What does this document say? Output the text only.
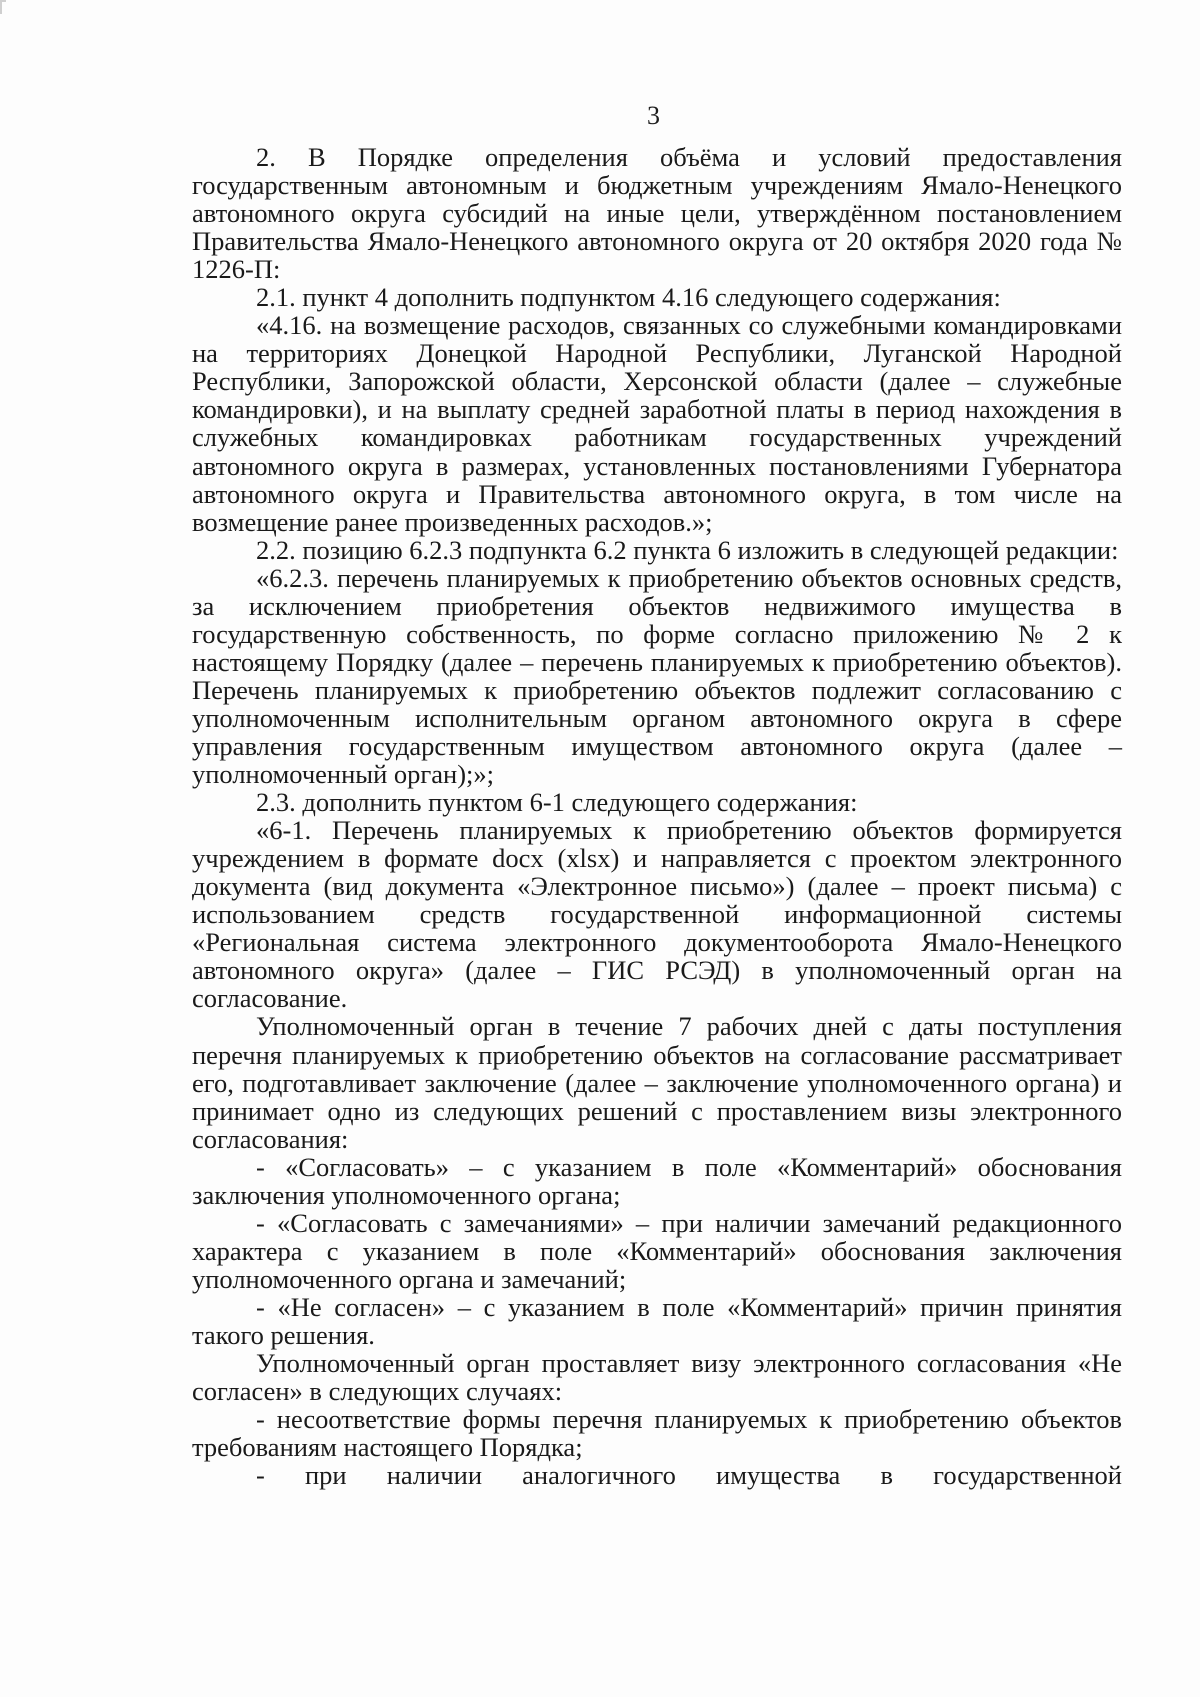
3

2. В Порядке определения объёма и условий предоставления государственным автономным и бюджетным учреждениям Ямало-Ненецкого автономного округа субсидий на иные цели, утверждённом постановлением Правительства Ямало-Ненецкого автономного округа от 20 октября 2020 года № 1226-П:

2.1. пункт 4 дополнить подпунктом 4.16 следующего содержания:

«4.16. на возмещение расходов, связанных со служебными командировками на территориях Донецкой Народной Республики, Луганской Народной Республики, Запорожской области, Херсонской области (далее – служебные командировки), и на выплату средней заработной платы в период нахождения в служебных командировках работникам государственных учреждений автономного округа в размерах, установленных постановлениями Губернатора автономного округа и Правительства автономного округа, в том числе на возмещение ранее произведенных расходов.»;

2.2. позицию 6.2.3 подпункта 6.2 пункта 6 изложить в следующей редакции:

«6.2.3. перечень планируемых к приобретению объектов основных средств, за исключением приобретения объектов недвижимого имущества в государственную собственность, по форме согласно приложению № 2 к настоящему Порядку (далее – перечень планируемых к приобретению объектов). Перечень планируемых к приобретению объектов подлежит согласованию с уполномоченным исполнительным органом автономного округа в сфере управления государственным имуществом автономного округа (далее – уполномоченный орган);»;

2.3. дополнить пунктом 6-1 следующего содержания:

«6-1. Перечень планируемых к приобретению объектов формируется учреждением в формате docx (xlsx) и направляется с проектом электронного документа (вид документа «Электронное письмо») (далее – проект письма) с использованием средств государственной информационной системы «Региональная система электронного документооборота Ямало-Ненецкого автономного округа» (далее – ГИС РСЭД) в уполномоченный орган на согласование.

Уполномоченный орган в течение 7 рабочих дней с даты поступления перечня планируемых к приобретению объектов на согласование рассматривает его, подготавливает заключение (далее – заключение уполномоченного органа) и принимает одно из следующих решений с проставлением визы электронного согласования:

- «Согласовать» – с указанием в поле «Комментарий» обоснования заключения уполномоченного органа;

- «Согласовать с замечаниями» – при наличии замечаний редакционного характера с указанием в поле «Комментарий» обоснования заключения уполномоченного органа и замечаний;

- «Не согласен» – с указанием в поле «Комментарий» причин принятия такого решения.

Уполномоченный орган проставляет визу электронного согласования «Не согласен» в следующих случаях:

- несоответствие формы перечня планируемых к приобретению объектов требованиям настоящего Порядка;

- при наличии аналогичного имущества в государственной
